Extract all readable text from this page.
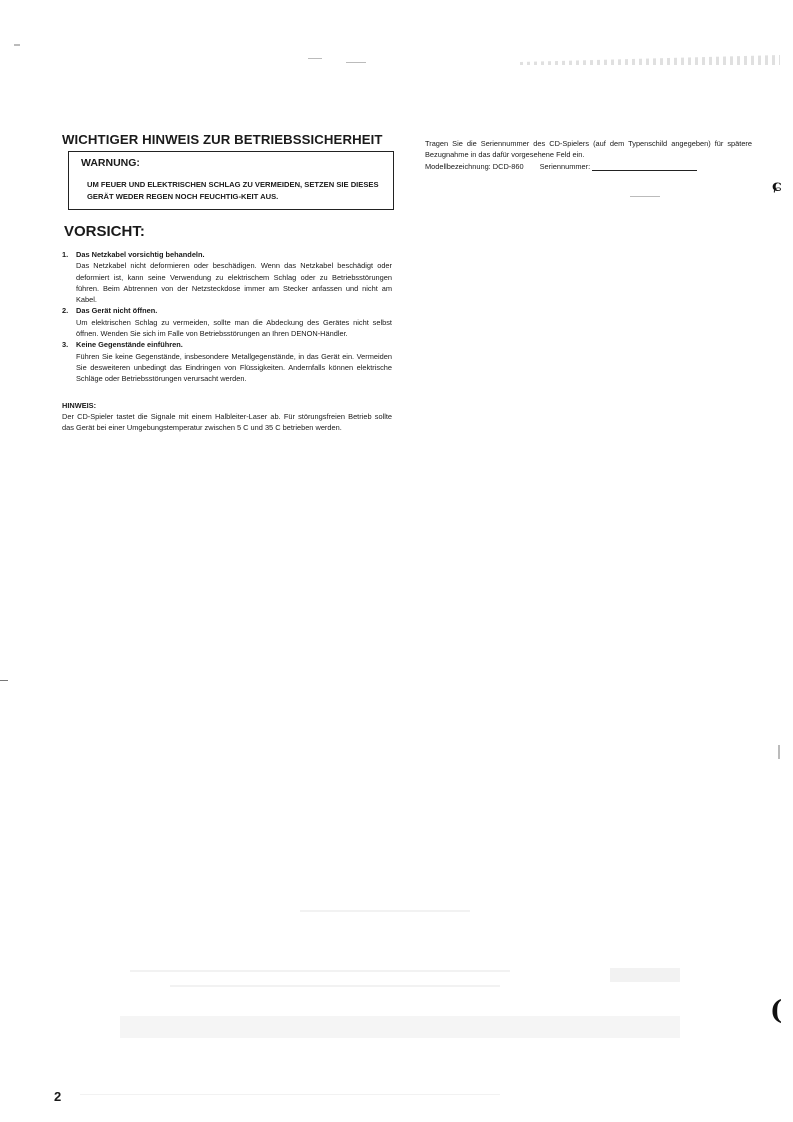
ɕ
(
WICHTIGER HINWEIS ZUR BETRIEBSSICHERHEIT
WARNUNG:
UM FEUER UND ELEKTRISCHEN SCHLAG ZU VERMEIDEN, SETZEN SIE DIESES GERÄT WEDER REGEN NOCH FEUCHTIG-KEIT AUS.
VORSICHT:
1.	Das Netzkabel vorsichtig behandeln.
Das Netzkabel nicht deformieren oder beschädigen. Wenn das Netzkabel beschädigt oder deformiert ist, kann seine Verwendung zu elektrischem Schlag oder zu Betriebsstörungen führen. Beim Abtrennen von der Netzsteckdose immer am Stecker anfassen und nicht am Kabel.
2.	Das Gerät nicht öffnen.
Um elektrischen Schlag zu vermeiden, sollte man die Abdeckung des Gerätes nicht selbst öffnen. Wenden Sie sich im Falle von Betriebsstörungen an Ihren DENON-Händler.
3.	Keine Gegenstände einführen.
Führen Sie keine Gegenstände, insbesondere Metallgegenstände, in das Gerät ein. Vermeiden Sie desweiteren unbedingt das Eindringen von Flüssigkeiten. Andernfalls können elektrische Schläge oder Betriebsstörungen verursacht werden.
HINWEIS:
Der CD-Spieler tastet die Signale mit einem Halbleiter-Laser ab. Für störungsfreien Betrieb sollte das Gerät bei einer Umgebungstemperatur zwischen 5 C und 35 C betrieben werden.

Tragen Sie die Seriennummer des CD-Spielers (auf dem Typenschild angegeben) für spätere Bezugnahme in das dafür vorgesehene Feld ein.

Modellbezeichnung: DCD-860 Seriennummer:
2
